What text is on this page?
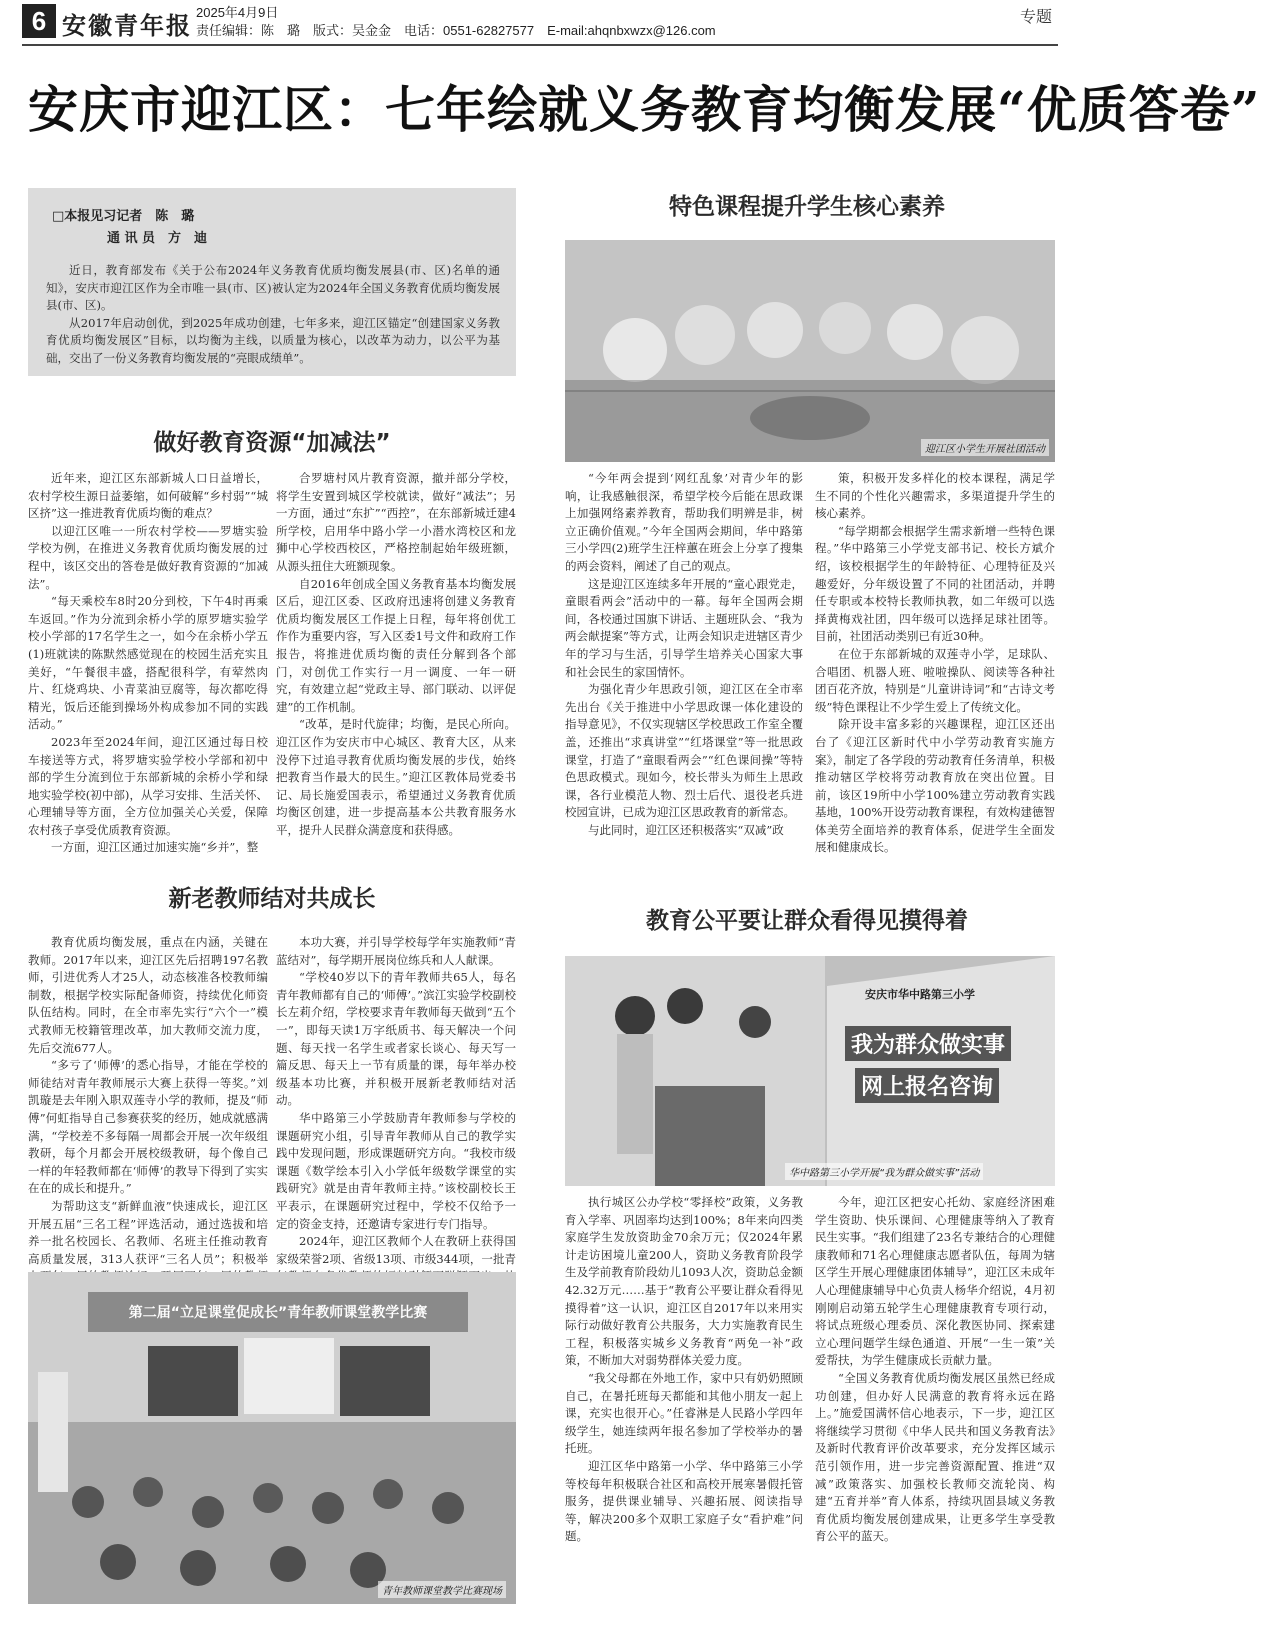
6 安徽青年报 2025年4月9日
责任编辑：陈　璐　版式：吴金金　电话：0551-62827577　E-mail:ahqnbxwzx@126.com
专题
安庆市迎江区：七年绘就义务教育均衡发展“优质答卷”
□本报见习记者　陈　璐
　通 讯 员　方　迪

近日，教育部发布《关于公布2024年义务教育优质均衡发展县(市、区)名单的通知》，安庆市迎江区作为全市唯一县(市、区)被认定为2024年全国义务教育优质均衡发展县(市、区)。

从2017年启动创优，到2025年成功创建，七年多来，迎江区锚定“创建国家义务教育优质均衡发展区”目标，以均衡为主线，以质量为核心，以改革为动力，以公平为基础，交出了一份义务教育均衡发展的“亮眼成绩单”。

做好教育资源“加减法”

近年来，迎江区东部新城人口日益增长，农村学校生源日益萎缩，如何破解“乡村弱”“城区挤”这一推进教育优质均衡的难点？

以迎江区唯一一所农村学校——罗塘实验学校为例，在推进义务教育优质均衡发展的过程中，该区交出的答卷是做好教育资源的“加减法”。

“每天乘校车8时20分到校，下午4时再乘车返回。”作为分流到余桥小学的原罗塘实验学校小学部的17名学生之一，如今在余桥小学五(1)班就读的陈默然感觉现在的校园生活充实且美好，“午餐很丰盛，搭配很科学，有荤然肉片、红烧鸡块、小青菜油豆腐等，每次都吃得精光，饭后还能到操场外构成参加不同的实践活动。”

2023年至2024年间，迎江区通过每日校车接送等方式，将罗塘实验学校小学部和初中部的学生分流到位于东部新城的余桥小学和绿地实验学校(初中部)，从学习安排、生活关怀、心理辅导等方面，全方位加强关心关爱，保障农村孩子享受优质教育资源。

一方面，迎江区通过加速实施“乡并”，整

合罗塘村风片教育资源，撤并部分学校，将学生安置到城区学校就读，做好“减法”；另一方面，通过“东扩”“西控”，在东部新城迁建4所学校，启用华中路小学一小潜水湾校区和龙狮中心学校西校区，严格控制起始年级班额，从源头扭住大班额现象。

自2016年创成全国义务教育基本均衡发展区后，迎江区委、区政府迅速将创建义务教育优质均衡发展区工作提上日程，每年将创优工作作为重要内容，写入区委1号文件和政府工作报告，将推进优质均衡的责任分解到各个部门，对创优工作实行一月一调度、一年一研究，有效建立起“党政主导、部门联动、以评促建”的工作机制。

“改革，是时代旋律；均衡，是民心所向。迎江区作为安庆市中心城区、教育大区，从来没停下过追寻教育优质均衡发展的步伐，始终把教育当作最大的民生。”迎江区教体局党委书记、局长施爱国表示，希望通过义务教育优质均衡区创建，进一步提高基本公共教育服务水平，提升人民群众满意度和获得感。

特色课程提升学生核心素养
迎江区小学生开展社团活动

“今年两会提到‘网红乱象’对青少年的影响，让我感触很深，希望学校今后能在思政课上加强网络素养教育，帮助我们明辨是非，树立正确价值观。”今年全国两会期间，华中路第三小学四(2)班学生汪梓蕙在班会上分享了搜集的两会资料，阐述了自己的观点。

这是迎江区连续多年开展的“童心跟党走，童眼看两会”活动中的一幕。每年全国两会期间，各校通过国旗下讲话、主题班队会、“我为两会献提案”等方式，让两会知识走进辖区青少年的学习与生活，引导学生培养关心国家大事和社会民生的家国情怀。

为强化青少年思政引领，迎江区在全市率先出台《关于推进中小学思政课一体化建设的指导意见》，不仅实现辖区学校思政工作室全覆盖，还推出“求真讲堂”“红塔课堂”等一批思政课堂，打造了“童眼看两会”“红色课间操”等特色思政模式。现如今，校长带头为师生上思政课，各行业模范人物、烈士后代、退役老兵进校园宣讲，已成为迎江区思政教育的新常态。

与此同时，迎江区还积极落实“双减”政

策，积极开发多样化的校本课程，满足学生不同的个性化兴趣需求，多渠道提升学生的核心素养。

“每学期都会根据学生需求新增一些特色课程。”华中路第三小学党支部书记、校长方斌介绍，该校根据学生的年龄特征、心理特征及兴趣爱好，分年级设置了不同的社团活动，并聘任专职或本校特长教师执教，如二年级可以选择黄梅戏社团，四年级可以选择足球社团等。目前，社团活动类别已有近30种。

在位于东部新城的双莲寺小学，足球队、合唱团、机器人班、啦啦操队、阅读等各种社团百花齐放，特别是“儿童讲诗词”和“古诗文考级”特色课程让不少学生爱上了传统文化。

除开设丰富多彩的兴趣课程，迎江区还出台了《迎江区新时代中小学劳动教育实施方案》，制定了各学段的劳动教育任务清单，积极推动辖区学校将劳动教育放在突出位置。目前，该区19所中小学100%建立劳动教育实践基地，100%开设劳动教育课程，有效构建德智体美劳全面培养的教育体系，促进学生全面发展和健康成长。

新老教师结对共成长

教育优质均衡发展，重点在内涵，关键在教师。2017年以来，迎江区先后招聘197名教师，引进优秀人才25人，动态核准各校教师编制数，根据学校实际配备师资，持续优化师资队伍结构。同时，在全市率先实行“六个一”模式教师无校籍管理改革，加大教师交流力度，先后交流677人。

“多亏了‘师傅’的悉心指导，才能在学校的师徒结对青年教师展示大赛上获得一等奖。”刘凯璇是去年刚入职双莲寺小学的教师，提及“师傅”何虹指导自己参赛获奖的经历，她成就感满满，“学校差不多每隔一周都会开展一次年级组教研，每个月都会开展校级教研，每个像自己一样的年轻教师都在‘师傅’的教导下得到了实实在在的成长和提升。”

为帮助这支“新鲜血液”快速成长，迎江区开展五届“三名工程”评选活动，通过选拔和培养一批名校园长、名教师、名班主任推动教育高质量发展，313人获评“三名人员”；积极举

本功大赛，并引导学校每学年实施教师“青蓝结对”，每学期开展岗位练兵和人人献课。

“学校40岁以下的青年教师共65人，每名青年教师都有自己的‘师傅’。”滨江实验学校副校长左莉介绍，学校要求青年教师每天做到“五个一”，即每天读1万字纸质书、每天解决一个问题、每天找一名学生或者家长谈心、每天写一篇反思、每天上一节有质量的课，每年举办校级基本功比赛，并积极开展新老教师结对活动。

华中路第三小学鼓励青年教师参与学校的课题研究小组，引导青年教师从自己的教学实践中发现问题，形成课题研究方向。“我校市级课题《数学绘本引入小学低年级数学课堂的实践研究》就是由青年教师主持。”该校副校长王平表示，在课题研究过程中，学校不仅给予一定的资金支持，还邀请专家进行专门指导。

2024年，迎江区教师个人在教研上获得国家级荣誉2项、省级13项、市级344项，一批青

第二届“立足课堂促成长”青年教师课堂教学比赛
青年教师课堂教学比赛现场
教育公平要让群众看得见摸得着
安庆市华中路第三小学
我为群众做实事
网上报名咨询
华中路第三小学开展“我为群众做实事”活动

执行城区公办学校“零择校”政策，义务教育入学率、巩固率均达到100%；8年来向四类家庭学生发放资助金70余万元；仅2024年累计走访困境儿童200人，资助义务教育阶段学生及学前教育阶段幼儿1093人次，资助总金额42.32万元……基于“教育公平要让群众看得见摸得着”这一认识，迎江区自2017年以来用实际行动做好教育公共服务，大力实施教育民生工程，积极落实城乡义务教育“两免一补”政策，不断加大对弱势群体关爱力度。

“我父母都在外地工作，家中只有奶奶照顾自己，在暑托班每天都能和其他小朋友一起上课，充实也很开心。”任睿淋是人民路小学四年级学生，她连续两年报名参加了学校举办的暑托班。

迎江区华中路第一小学、华中路第三小学等校每年积极联合社区和高校开展寒暑假托管服务，提供课业辅导、兴趣拓展、阅读指导等，解决200多个双职工家庭子女“看护难”问题。

今年，迎江区把安心托幼、家庭经济困难学生资助、快乐课间、心理健康等纳入了教育民生实事。“我们组建了23名专兼结合的心理健康教师和71名心理健康志愿者队伍，每周为辖区学生开展心理健康团体辅导”，迎江区未成年人心理健康辅导中心负责人杨华介绍说，4月初刚刚启动第五轮学生心理健康教育专项行动，将试点班级心理委员、深化教医协同、探索建立心理问题学生绿色通道、开展“一生一策”关爱帮扶，为学生健康成长贡献力量。

“全国义务教育优质均衡发展区虽然已经成功创建，但办好人民满意的教育将永远在路上。”施爱国满怀信心地表示，下一步，迎江区将继续学习贯彻《中华人民共和国义务教育法》及新时代教育评价改革要求，充分发挥区域示范引领作用，进一步完善资源配置、推进“双减”政策落实、加强校长教师交流轮岗、构建“五育并举”育人体系，持续巩固县域义务教育优质均衡发展创建成果，让更多学生享受教育公平的蓝天。
